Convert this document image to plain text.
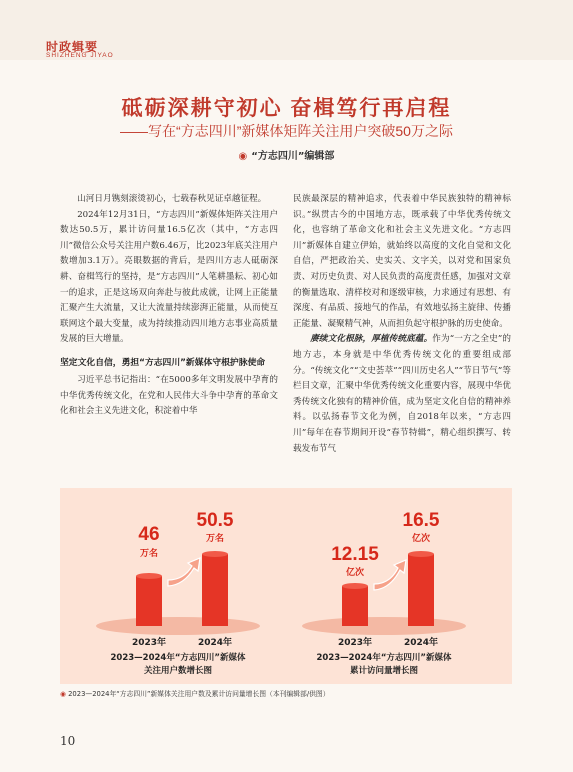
时政辑要
SHIZHENG JIYAO
砥砺深耕守初心 奋楫笃行再启程
——写在“方志四川”新媒体矩阵关注用户突破50万之际
◉ “方志四川”编辑部

山河日月镌刻滚烫初心，七载春秋见证卓越征程。

2024年12月31日，“方志四川”新媒体矩阵关注用户数达50.5万，累计访问量16.5亿次（其中，“方志四川”微信公众号关注用户数6.46万，比2023年底关注用户数增加3.1万）。亮眼数据的背后，是四川方志人砥砺深耕、奋楫笃行的坚持，是“方志四川”人笔耕墨耘、初心如一的追求，正是这场双向奔赴与彼此成就，让网上正能量汇聚产生大流量，又让大流量持续澎湃正能量，从而使互联网这个最大变量，成为持续推动四川地方志事业高质量发展的巨大增量。

坚定文化自信，勇担“方志四川”新媒体守根护脉使命

习近平总书记指出：“在5000多年文明发展中孕育的中华优秀传统文化，在党和人民伟大斗争中孕育的革命文化和社会主义先进文化，积淀着中华

民族最深层的精神追求，代表着中华民族独特的精神标识。”纵贯古今的中国地方志，既承载了中华优秀传统文化，也容纳了革命文化和社会主义先进文化。“方志四川”新媒体自建立伊始，就始终以高度的文化自觉和文化自信，严把政治关、史实关、文字关，以对党和国家负责、对历史负责、对人民负责的高度责任感，加强对文章的衡量选取、清样校对和逐级审核，力求通过有思想、有深度、有品质、接地气的作品，有效地弘扬主旋律、传播正能量、凝聚精气神，从而担负起守根护脉的历史使命。

赓续文化根脉，厚植传统底蕴。作为“一方之全史”的地方志，本身就是中华优秀传统文化的重要组成部分。“传统文化”“文史荟萃”“四川历史名人”“节日节气”等栏目文章，汇聚中华优秀传统文化重要内容，展现中华优秀传统文化独有的精神价值，成为坚定文化自信的精神养料。以弘扬春节文化为例，自2018年以来，“方志四川”每年在春节期间开设“春节特辑”，精心组织撰写、转载发布节气

46
万名
50.5
万名
2023年	2024年
2023—2024年“方志四川”新媒体
关注用户数增长图
12.15
亿次
16.5
亿次
2023年	2024年
2023—2024年“方志四川”新媒体
累计访问量增长图
◉ 2023—2024年“方志四川”新媒体关注用户数及累计访问量增长图（本刊编辑部/供图）
10
